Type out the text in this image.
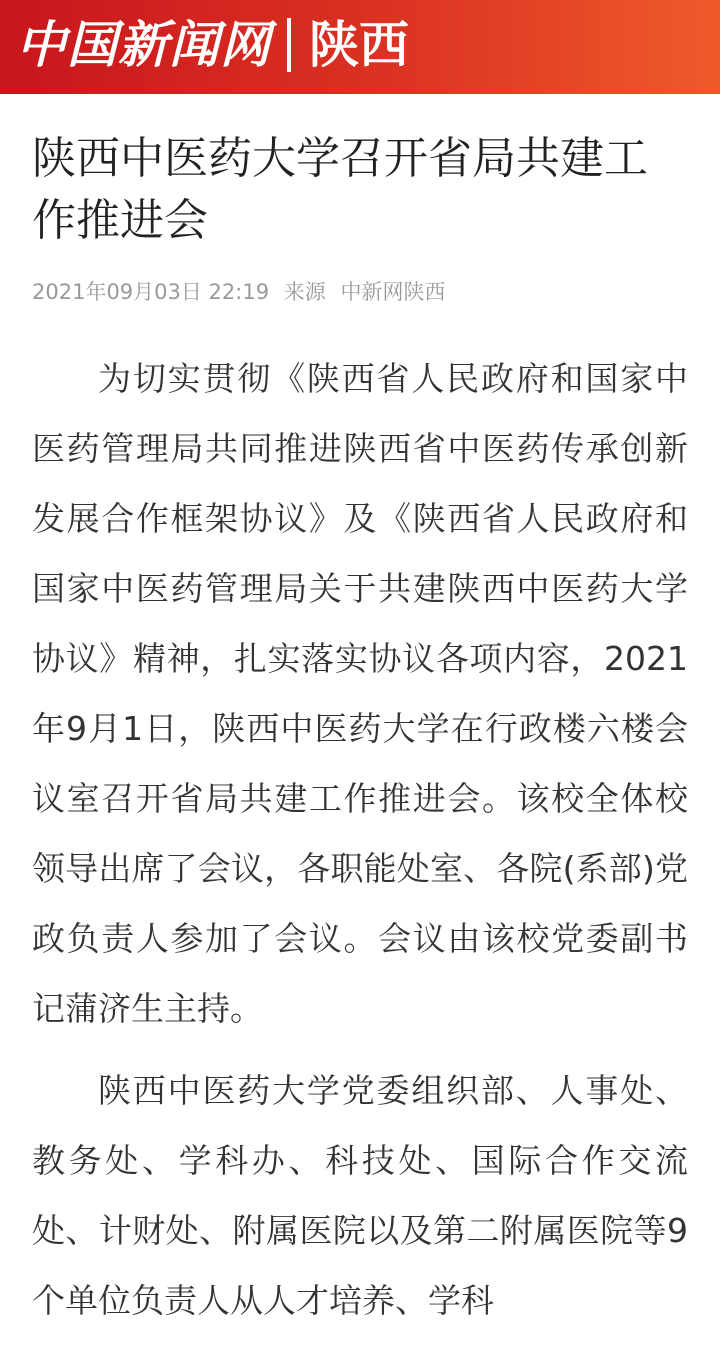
中国新闻网 陕西
陕西中医药大学召开省局共建工作推进会
2021年09月03日 22:19 来源 中新网陕西

为切实贯彻《陕西省人民政府和国家中医药管理局共同推进陕西省中医药传承创新发展合作框架协议》及《陕西省人民政府和国家中医药管理局关于共建陕西中医药大学协议》精神，扎实落实协议各项内容，2021年9月1日，陕西中医药大学在行政楼六楼会议室召开省局共建工作推进会。该校全体校领导出席了会议，各职能处室、各院(系部)党政负责人参加了会议。会议由该校党委副书记蒲济生主持。

陕西中医药大学党委组织部、人事处、教务处、学科办、科技处、国际合作交流处、计财处、附属医院以及第二附属医院等9个单位负责人从人才培养、学科
